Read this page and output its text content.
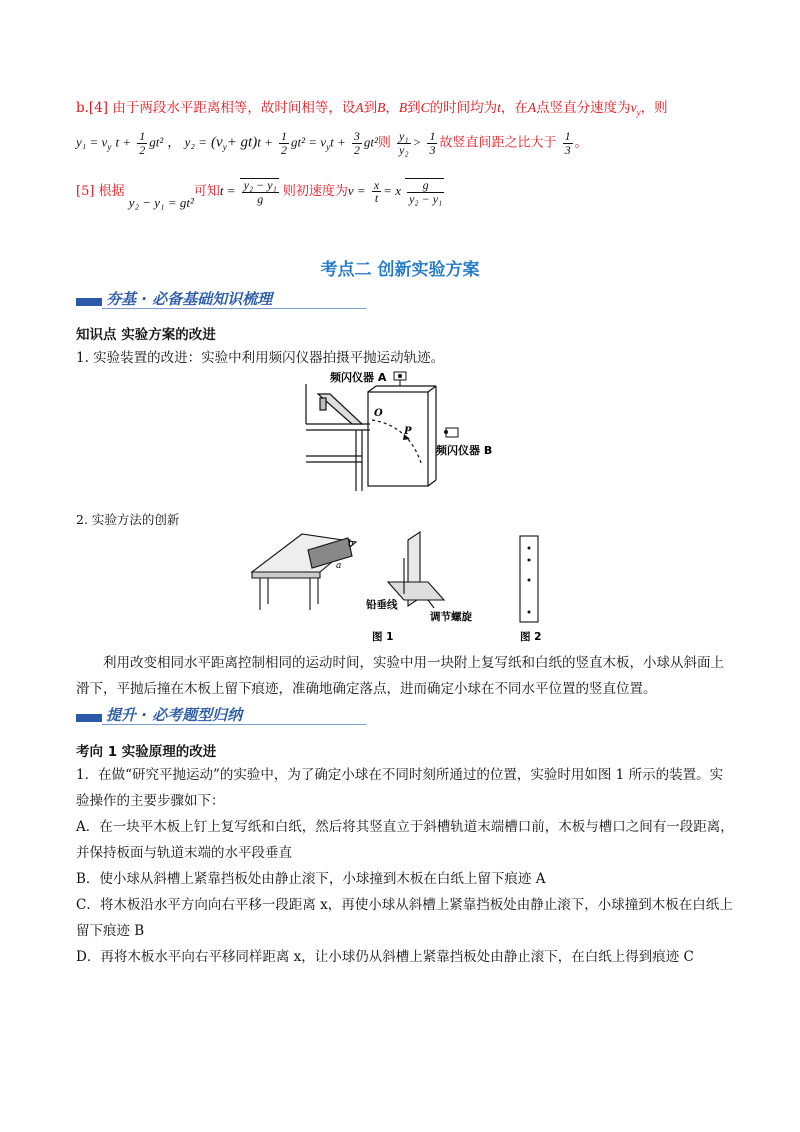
b.[4] 由于两段水平距离相等，故时间相等，设A到B，B到C的时间均为t，在A点竖直分速度为$v_y$，则
$y_1 = v_y$ $t + \frac{1}{2} gt^2$ ， $y_2 = (v_y+ gt)t + \frac{1}{2} gt^2 = v_yt + \frac{3}{2} gt^2$则 $\frac{\text{y₁}}{\text{y₂}} > \frac{1}{3}$ 故竖直间距之比大于 $\frac{1}{3}$ 。
[5] 根据 y₂ − y₁ = gt²可知$t = \frac{\text{y₂ − y₁}}{g}$ 则初速度为$v = \frac{x}{t} = x \frac{g}{\text{y₂ − y₁}}$
考点二 创新实验方案
夯基 · 必备基础知识梳理
知识点 实验方案的改进
1. 实验装置的改进：实验中利用频闪仪器拍摄平抛运动轨迹。
频闪仪器 A
频闪仪器 B
O
P
2. 实验方法的创新
b
a
铅垂线
调节螺旋
图 1	图 2
利用改变相同水平距离控制相同的运动时间，实验中用一块附上复写纸和白纸的竖直木板，小球从斜面上滑下，平抛后撞在木板上留下痕迹，准确地确定落点，进而确定小球在不同水平位置的竖直位置。
提升 · 必考题型归纳
考向 1 实验原理的改进
1．在做“研究平抛运动”的实验中，为了确定小球在不同时刻所通过的位置，实验时用如图 1 所示的装置。实验操作的主要步骤如下：
A．在一块平木板上钉上复写纸和白纸，然后将其竖直立于斜槽轨道末端槽口前，木板与槽口之间有一段距离，并保持板面与轨道末端的水平段垂直
B．使小球从斜槽上紧靠挡板处由静止滚下，小球撞到木板在白纸上留下痕迹 A
C．将木板沿水平方向向右平移一段距离 x，再使小球从斜槽上紧靠挡板处由静止滚下，小球撞到木板在白纸上留下痕迹 B
D．再将木板水平向右平移同样距离 x，让小球仍从斜槽上紧靠挡板处由静止滚下，在白纸上得到痕迹 C
